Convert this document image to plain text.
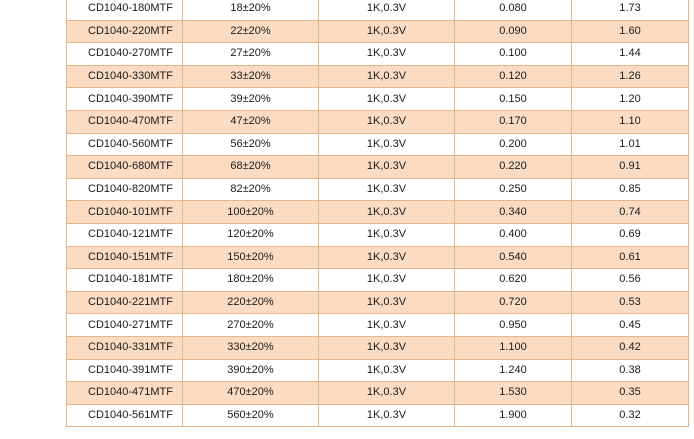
CD1040-180MTF	18±20%	1K,0.3V	0.080	1.73
CD1040-220MTF	22±20%	1K,0.3V	0.090	1.60
CD1040-270MTF	27±20%	1K,0.3V	0.100	1.44
CD1040-330MTF	33±20%	1K,0.3V	0.120	1.26
CD1040-390MTF	39±20%	1K,0.3V	0.150	1.20
CD1040-470MTF	47±20%	1K,0.3V	0.170	1.10
CD1040-560MTF	56±20%	1K,0.3V	0.200	1.01
CD1040-680MTF	68±20%	1K,0.3V	0.220	0.91
CD1040-820MTF	82±20%	1K,0.3V	0.250	0.85
CD1040-101MTF	100±20%	1K,0.3V	0.340	0.74
CD1040-121MTF	120±20%	1K,0.3V	0.400	0.69
CD1040-151MTF	150±20%	1K,0.3V	0.540	0.61
CD1040-181MTF	180±20%	1K,0.3V	0.620	0.56
CD1040-221MTF	220±20%	1K,0.3V	0.720	0.53
CD1040-271MTF	270±20%	1K,0.3V	0.950	0.45
CD1040-331MTF	330±20%	1K,0.3V	1.100	0.42
CD1040-391MTF	390±20%	1K,0.3V	1.240	0.38
CD1040-471MTF	470±20%	1K,0.3V	1.530	0.35
CD1040-561MTF	560±20%	1K,0.3V	1.900	0.32
